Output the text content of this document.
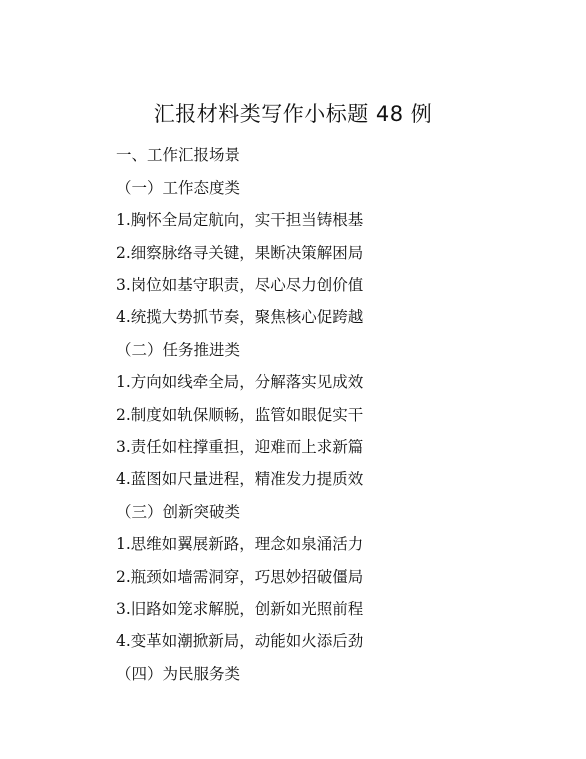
汇报材料类写作小标题 48 例
一、工作汇报场景
（一）工作态度类
1.胸怀全局定航向，实干担当铸根基
2.细察脉络寻关键，果断决策解困局
3.岗位如基守职责，尽心尽力创价值
4.统揽大势抓节奏，聚焦核心促跨越
（二）任务推进类
1.方向如线牵全局，分解落实见成效
2.制度如轨保顺畅，监管如眼促实干
3.责任如柱撑重担，迎难而上求新篇
4.蓝图如尺量进程，精准发力提质效
（三）创新突破类
1.思维如翼展新路，理念如泉涌活力
2.瓶颈如墙需洞穿，巧思妙招破僵局
3.旧路如笼求解脱，创新如光照前程
4.变革如潮掀新局，动能如火添后劲
（四）为民服务类
